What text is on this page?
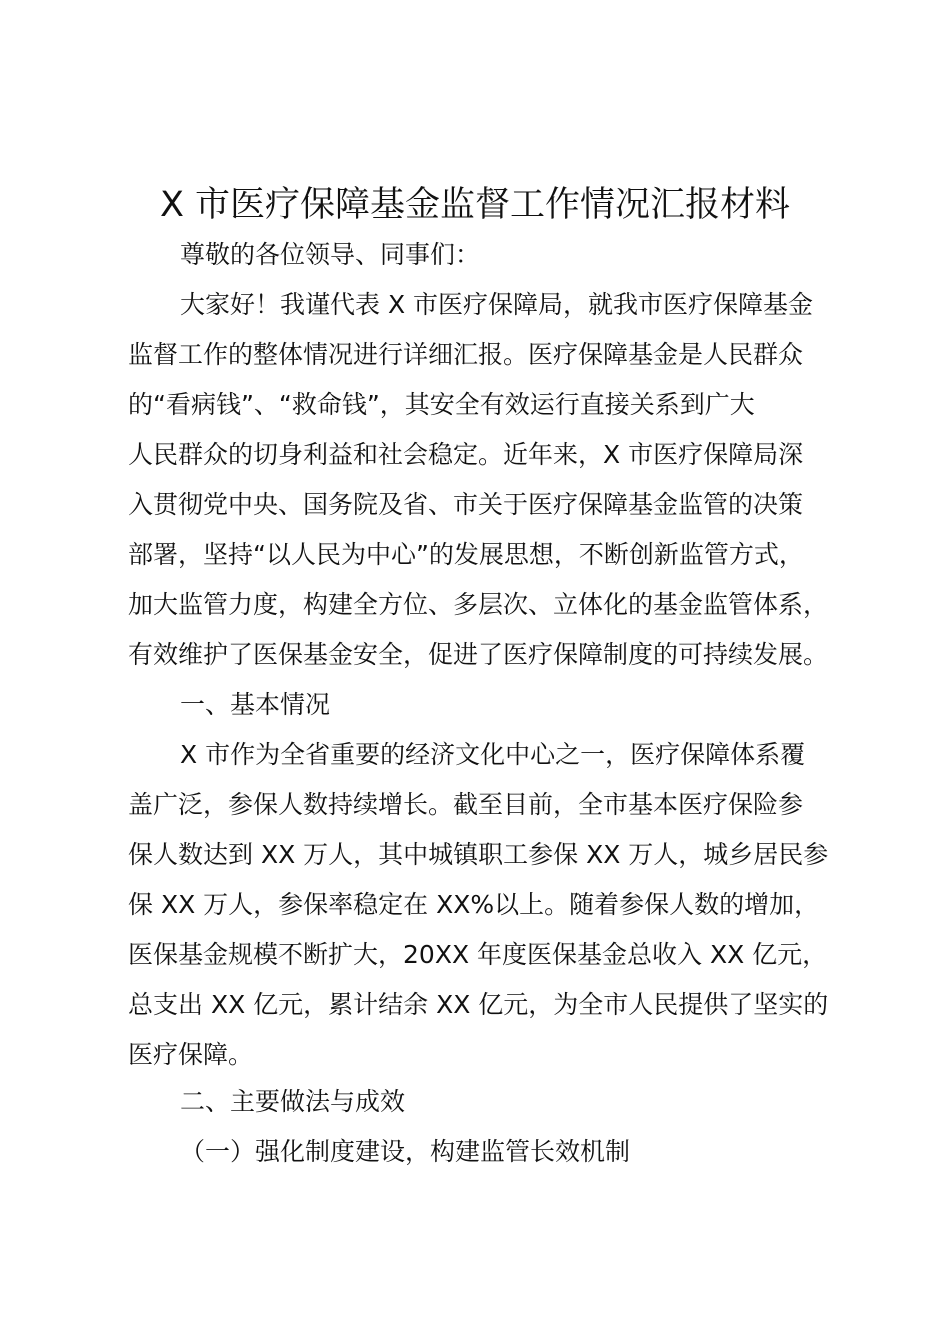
X 市医疗保障基金监督工作情况汇报材料
尊敬的各位领导、同事们：
大家好！我谨代表 X 市医疗保障局，就我市医疗保障基金
监督工作的整体情况进行详细汇报。医疗保障基金是人民群众
的“看病钱”、“救命钱”，其安全有效运行直接关系到广大
人民群众的切身利益和社会稳定。近年来，X 市医疗保障局深
入贯彻党中央、国务院及省、市关于医疗保障基金监管的决策
部署，坚持“以人民为中心”的发展思想，不断创新监管方式，
加大监管力度，构建全方位、多层次、立体化的基金监管体系，
有效维护了医保基金安全，促进了医疗保障制度的可持续发展。
一、基本情况
X 市作为全省重要的经济文化中心之一，医疗保障体系覆
盖广泛，参保人数持续增长。截至目前，全市基本医疗保险参
保人数达到 XX 万人，其中城镇职工参保 XX 万人，城乡居民参
保 XX 万人，参保率稳定在 XX%以上。随着参保人数的增加，
医保基金规模不断扩大，20XX 年度医保基金总收入 XX 亿元，
总支出 XX 亿元，累计结余 XX 亿元，为全市人民提供了坚实的
医疗保障。
二、主要做法与成效
（一）强化制度建设，构建监管长效机制
